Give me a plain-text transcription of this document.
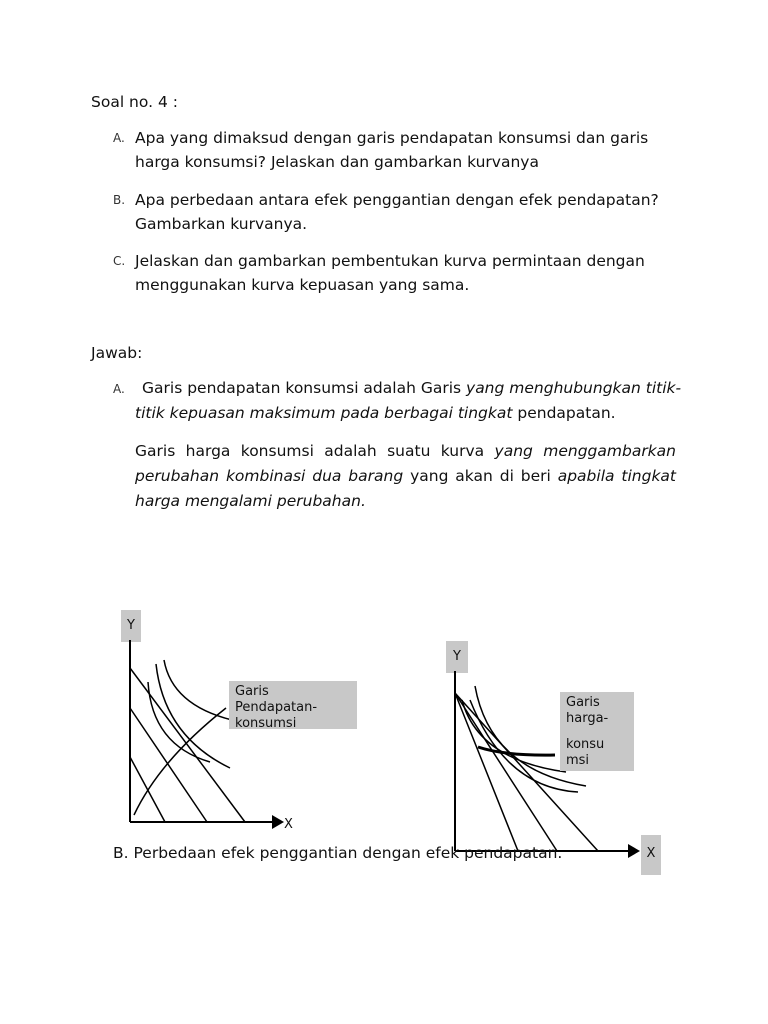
Soal no. 4 :
A. Apa yang dimaksud dengan garis pendapatan konsumsi dan garis
harga konsumsi? Jelaskan dan gambarkan kurvanya
B. Apa perbedaan antara efek penggantian dengan efek pendapatan?
Gambarkan kurvanya.
C. Jelaskan dan gambarkan pembentukan kurva permintaan dengan
menggunakan kurva kepuasan yang sama.
Jawab:
A. Garis pendapatan konsumsi adalah Garis yang menghubungkan titik-
titik kepuasan maksimum pada berbagai tingkat pendapatan.
Garis harga konsumsi adalah suatu kurva yang menggambarkan
perubahan kombinasi dua barang yang akan di beri apabila tingkat
harga mengalami perubahan.
Y
Garis
Pendapatan-
konsumsi
X
Y
Garis
harga-
konsu
msi
X
B. Perbedaan efek penggantian dengan efek pendapatan.
